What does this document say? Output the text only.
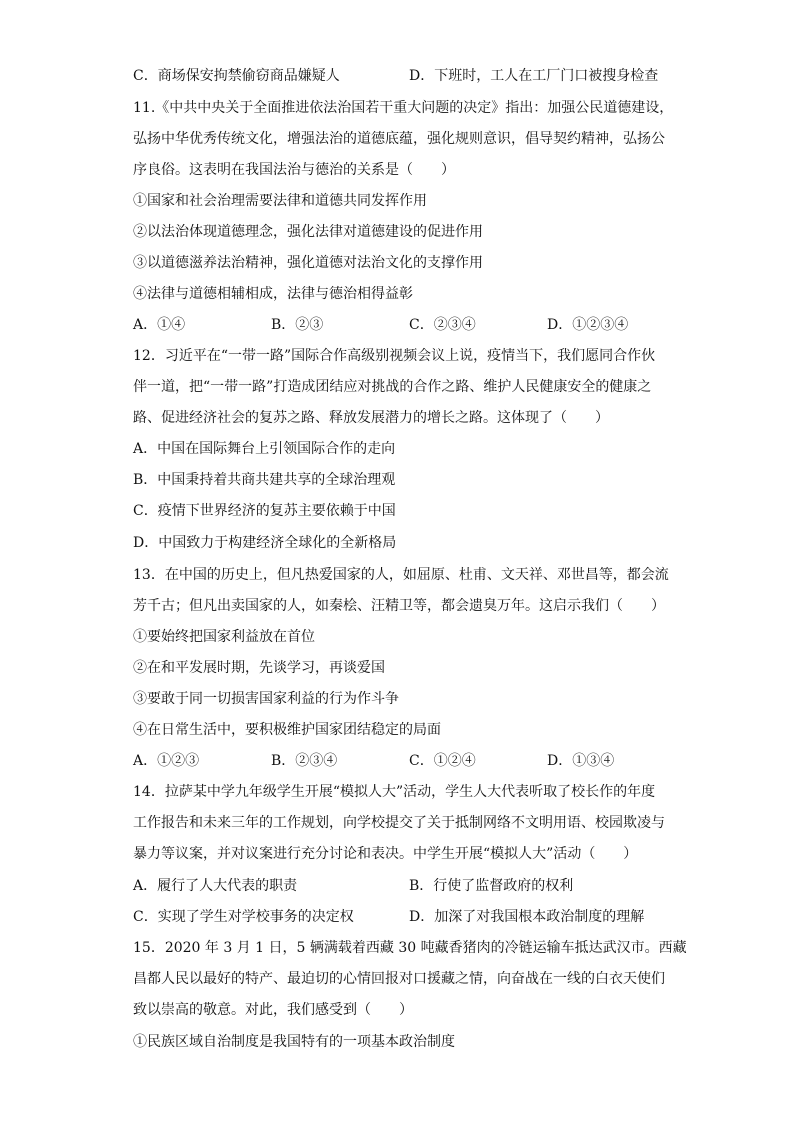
C．商场保安拘禁偷窃商品嫌疑人	D．下班时，工人在工厂门口被搜身检查
11.《中共中央关于全面推进依法治国若干重大问题的决定》指出：加强公民道德建设，
弘扬中华优秀传统文化，增强法治的道德底蕴，强化规则意识，倡导契约精神，弘扬公
序良俗。这表明在我国法治与德治的关系是（　　）
①国家和社会治理需要法律和道德共同发挥作用
②以法治体现道德理念，强化法律对道德建设的促进作用
③以道德滋养法治精神，强化道德对法治文化的支撑作用
④法律与道德相辅相成，法律与德治相得益彰
A．①④	B．②③	C．②③④	D．①②③④
12．习近平在“一带一路”国际合作高级别视频会议上说，疫情当下，我们愿同合作伙
伴一道，把“一带一路”打造成团结应对挑战的合作之路、维护人民健康安全的健康之
路、促进经济社会的复苏之路、释放发展潜力的增长之路。这体现了（　　）
A．中国在国际舞台上引领国际合作的走向
B．中国秉持着共商共建共享的全球治理观
C．疫情下世界经济的复苏主要依赖于中国
D．中国致力于构建经济全球化的全新格局
13．在中国的历史上，但凡热爱国家的人，如屈原、杜甫、文天祥、邓世昌等，都会流
芳千古；但凡出卖国家的人，如秦桧、汪精卫等，都会遗臭万年。这启示我们（　　）
①要始终把国家利益放在首位
②在和平发展时期，先谈学习，再谈爱国
③要敢于同一切损害国家利益的行为作斗争
④在日常生活中，要积极维护国家团结稳定的局面
A．①②③	B．②③④	C．①②④	D．①③④
14．拉萨某中学九年级学生开展“模拟人大”活动，学生人大代表听取了校长作的年度
工作报告和未来三年的工作规划，向学校提交了关于抵制网络不文明用语、校园欺凌与
暴力等议案，并对议案进行充分讨论和表决。中学生开展“模拟人大”活动（　　）
A．履行了人大代表的职责	B．行使了监督政府的权利
C．实现了学生对学校事务的决定权	D．加深了对我国根本政治制度的理解
15．2020 年 3 月 1 日，5 辆满载着西藏 30 吨藏香猪肉的冷链运输车抵达武汉市。西藏
昌都人民以最好的特产、最迫切的心情回报对口援藏之情，向奋战在一线的白衣天使们
致以崇高的敬意。对此，我们感受到（　　）
①民族区域自治制度是我国特有的一项基本政治制度
